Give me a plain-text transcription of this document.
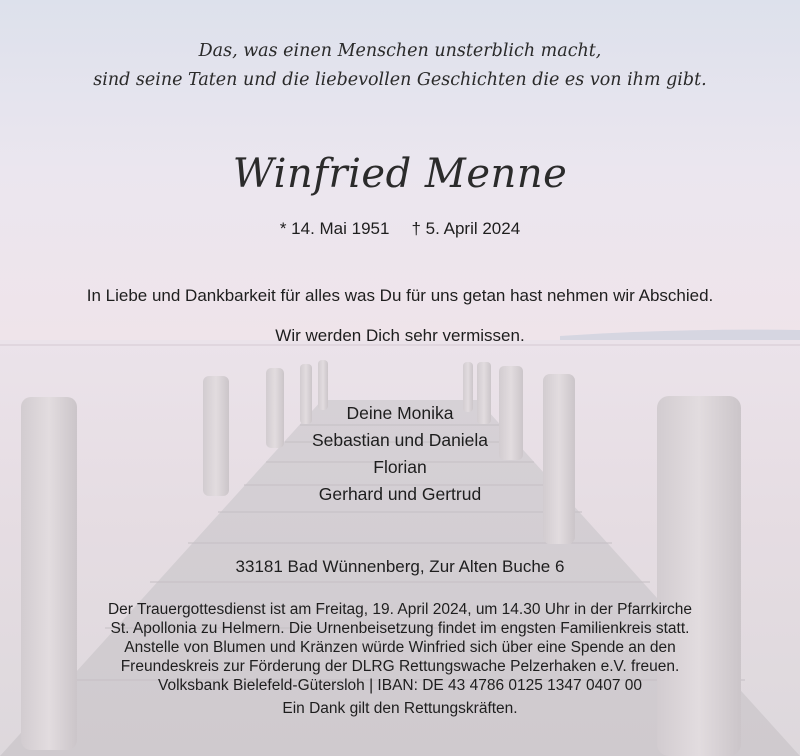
Das, was einen Menschen unsterblich macht,
sind seine Taten und die liebevollen Geschichten die es von ihm gibt.
Winfried Menne
* 14. Mai 1951 † 5. April 2024
In Liebe und Dankbarkeit für alles was Du für uns getan hast nehmen wir Abschied.
Wir werden Dich sehr vermissen.
Deine Monika
Sebastian und Daniela
Florian
Gerhard und Gertrud
33181 Bad Wünnenberg, Zur Alten Buche 6
Der Trauergottesdienst ist am Freitag, 19. April 2024, um 14.30 Uhr in der Pfarrkirche
St. Apollonia zu Helmern. Die Urnenbeisetzung findet im engsten Familienkreis statt.
Anstelle von Blumen und Kränzen würde Winfried sich über eine Spende an den
Freundeskreis zur Förderung der DLRG Rettungswache Pelzerhaken e.V. freuen.
Volksbank Bielefeld-Gütersloh | IBAN: DE 43 4786 0125 1347 0407 00
Ein Dank gilt den Rettungskräften.
